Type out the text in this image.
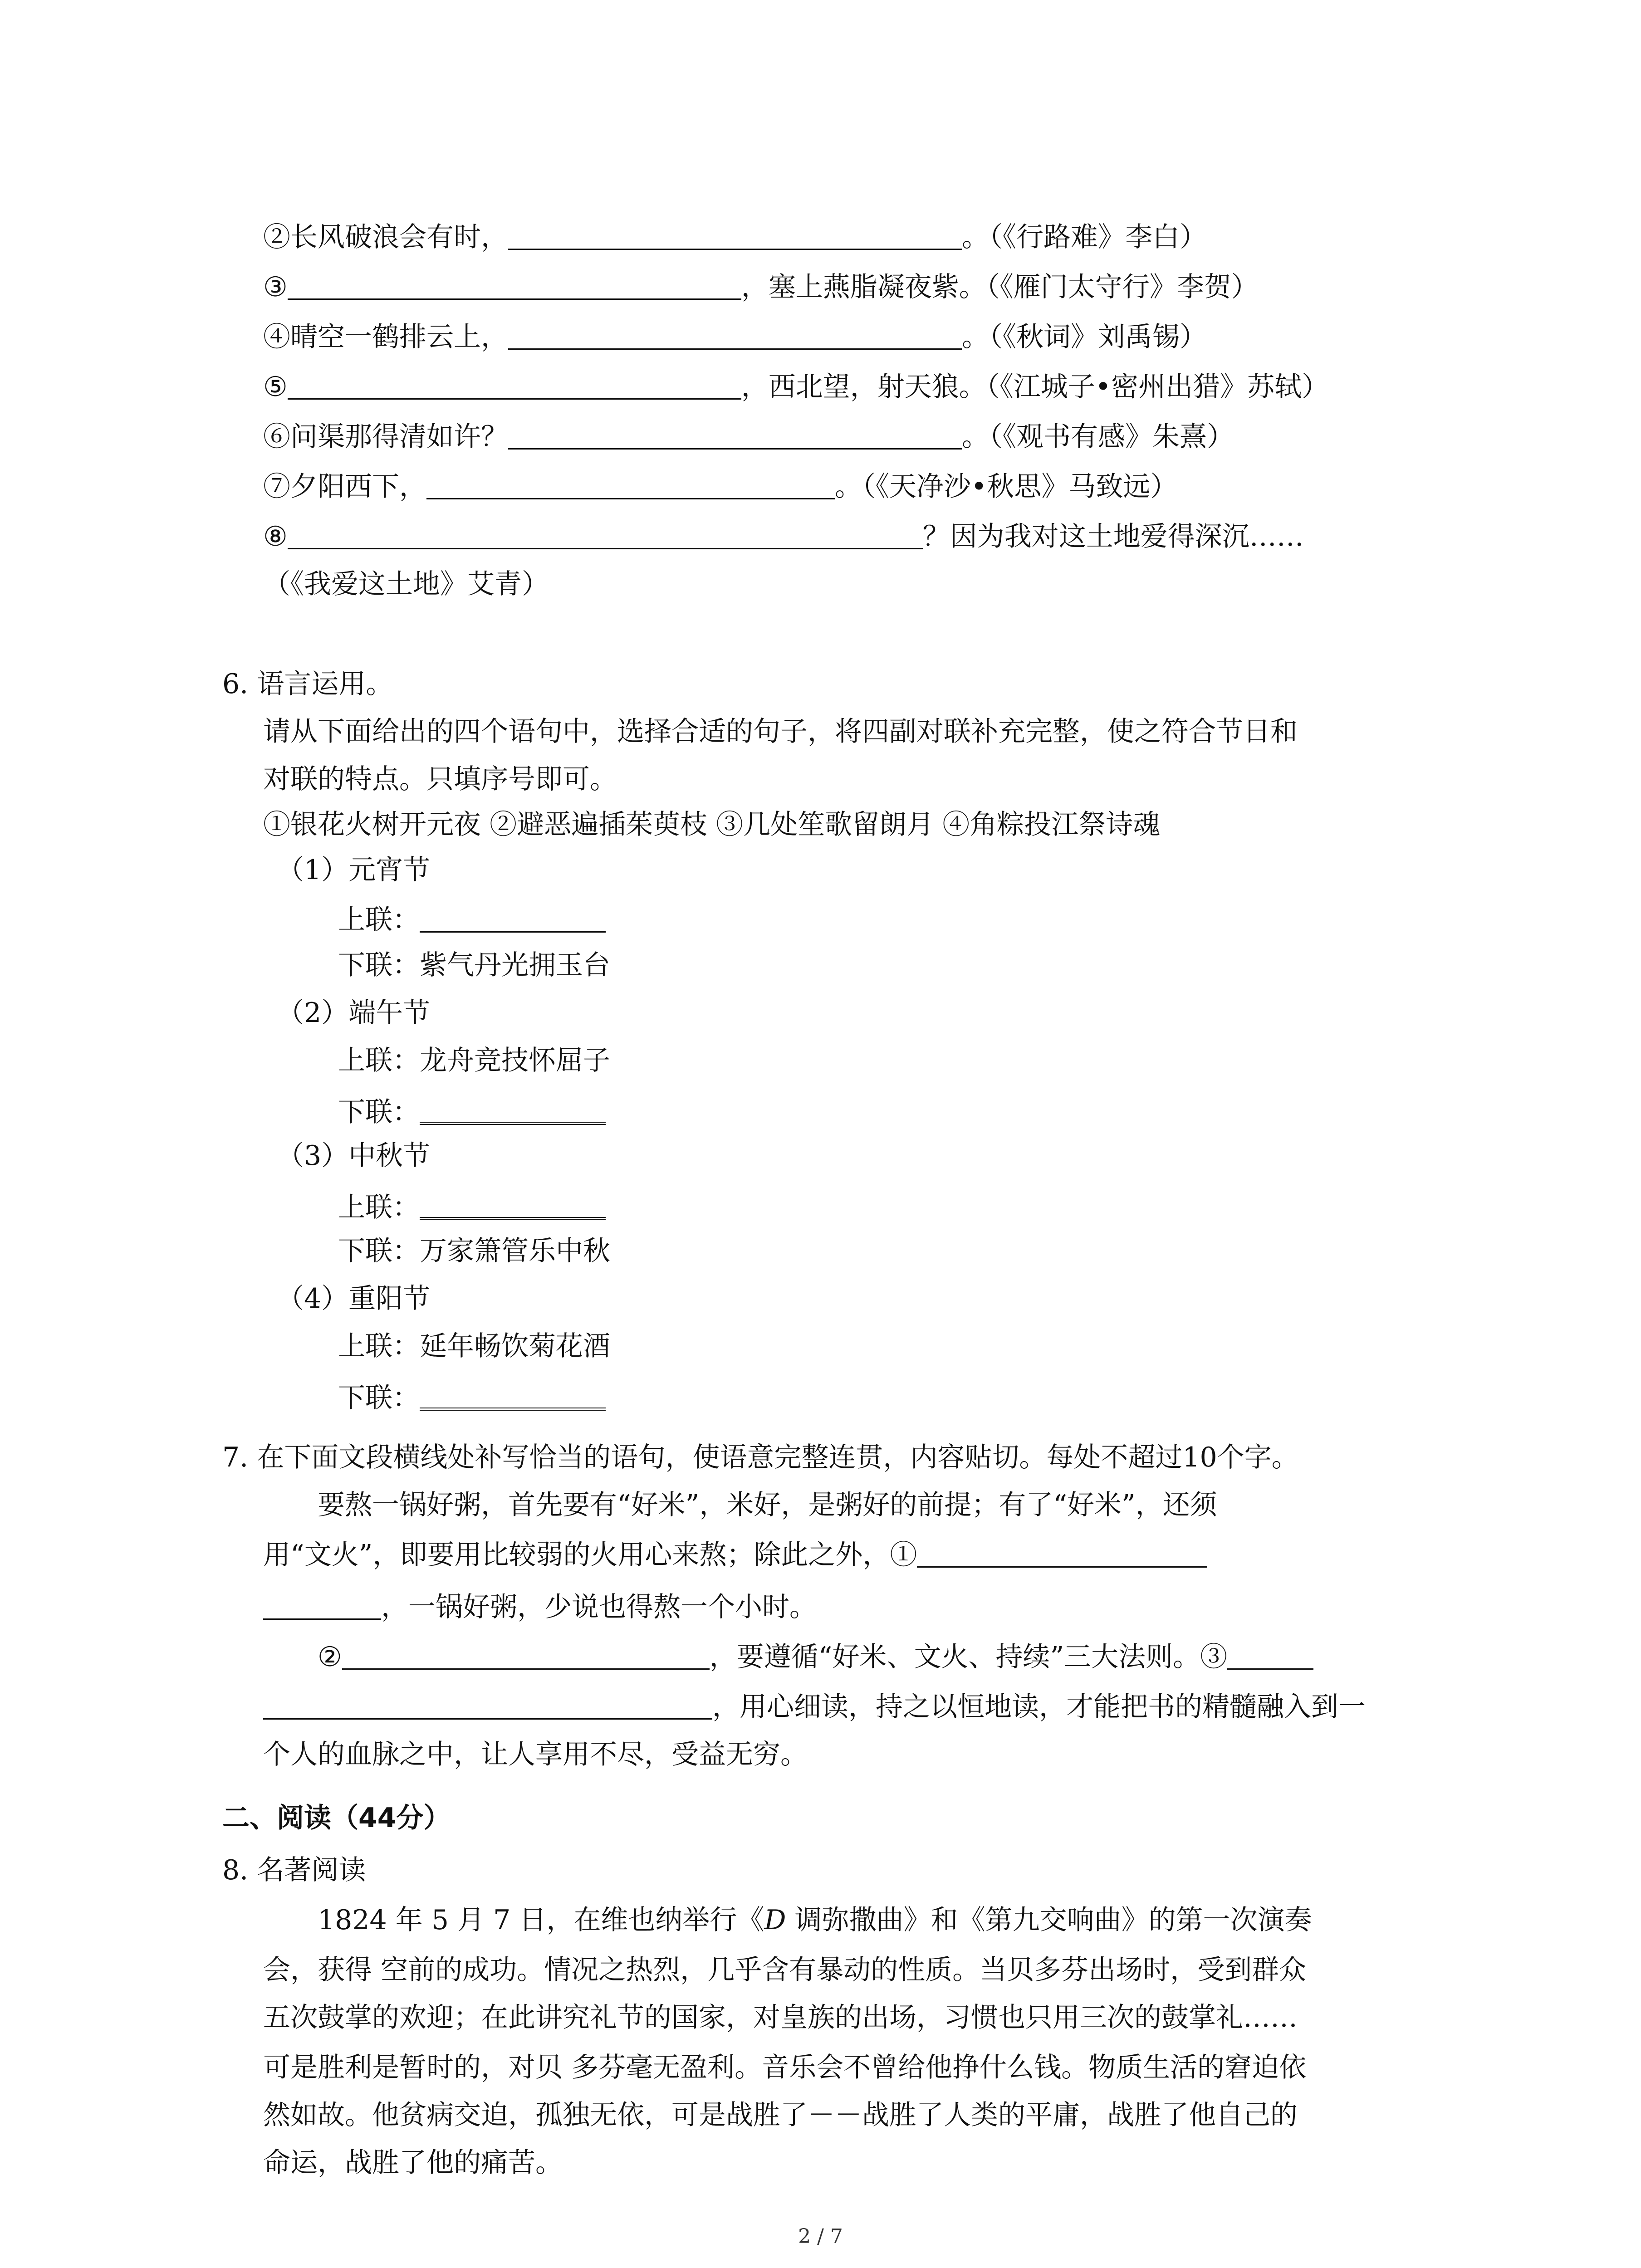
②长风破浪会有时，	。（《行路难》李白）
③	，塞上燕脂凝夜紫。（《雁门太守行》李贺）
④晴空一鹤排云上，	。（《秋词》刘禹锡）
⑤	，西北望，射天狼。（《江城子•密州出猎》苏轼）
⑥问渠那得清如许？	。（《观书有感》朱熹）
⑦夕阳西下，	。（《天净沙•秋思》马致远）
⑧	？因为我对这土地爱得深沉……
（《我爱这土地》艾青）
6. 语言运用。
请从下面给出的四个语句中，选择合适的句子，将四副对联补充完整，使之符合节日和
对联的特点。只填序号即可。
①银花火树开元夜 ②避恶遍插茱萸枝 ③几处笙歌留朗月 ④角粽投江祭诗魂
（1）元宵节
上联：
下联：紫气丹光拥玉台
（2）端午节
上联：龙舟竞技怀屈子
下联：
（3）中秋节
上联：
下联：万家箫管乐中秋
（4）重阳节
上联：延年畅饮菊花酒
下联：
7. 在下面文段横线处补写恰当的语句，使语意完整连贯，内容贴切。每处不超过10个字。
要熬一锅好粥，首先要有“好米”，米好，是粥好的前提；有了“好米”，还须
用“文火”，即要用比较弱的火用心来熬；除此之外，①
，一锅好粥，少说也得熬一个小时。
②	，要遵循“好米、文火、持续”三大法则。③
，用心细读，持之以恒地读，才能把书的精髓融入到一
个人的血脉之中，让人享用不尽，受益无穷。
二、阅读（44分）
8. 名著阅读
1824 年 5 月 7 日，在维也纳举行《D 调弥撒曲》和《第九交响曲》的第一次演奏
会，获得 空前的成功。情况之热烈，几乎含有暴动的性质。当贝多芬出场时，受到群众
五次鼓掌的欢迎；在此讲究礼节的国家，对皇族的出场，习惯也只用三次的鼓掌礼……
可是胜利是暂时的，对贝 多芬毫无盈利。音乐会不曾给他挣什么钱。物质生活的窘迫依
然如故。他贫病交迫，孤独无依，可是战胜了－－战胜了人类的平庸，战胜了他自己的
命运，战胜了他的痛苦。
2 / 7
